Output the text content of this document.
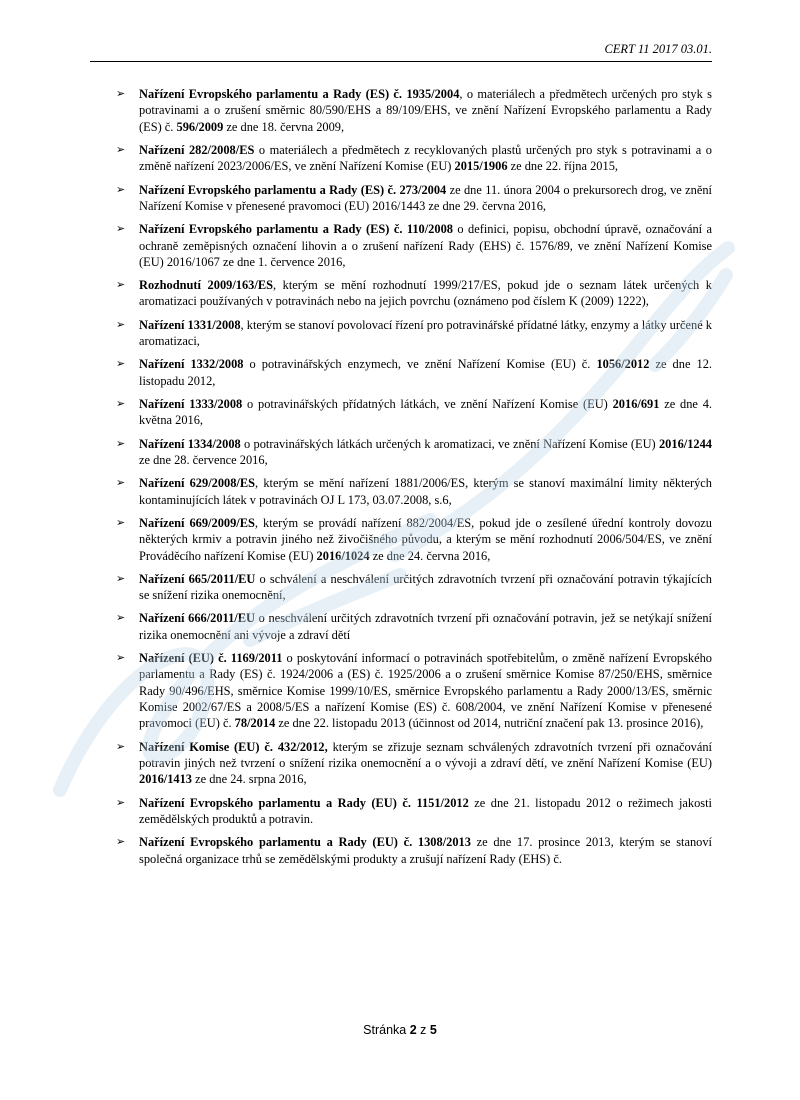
CERT 11 2017 03.01.
➢ Nařízení Evropského parlamentu a Rady (ES) č. 1935/2004, o materiálech a předmětech určených pro styk s potravinami a o zrušení směrnic 80/590/EHS a 89/109/EHS, ve znění Nařízení Evropského parlamentu a Rady (ES) č. 596/2009 ze dne 18. června 2009,
➢ Nařízení 282/2008/ES o materiálech a předmětech z recyklovaných plastů určených pro styk s potravinami a o změně nařízení 2023/2006/ES, ve znění Nařízení Komise (EU) 2015/1906 ze dne 22. října 2015,
➢ Nařízení Evropského parlamentu a Rady (ES) č. 273/2004 ze dne 11. února 2004 o prekursorech drog, ve znění Nařízení Komise v přenesené pravomoci (EU) 2016/1443 ze dne 29. června 2016,
➢ Nařízení Evropského parlamentu a Rady (ES) č. 110/2008 o definici, popisu, obchodní úpravě, označování a ochraně zeměpisných označení lihovin a o zrušení nařízení Rady (EHS) č. 1576/89, ve znění Nařízení Komise (EU) 2016/1067 ze dne 1. července 2016,
➢ Rozhodnutí 2009/163/ES, kterým se mění rozhodnutí 1999/217/ES, pokud jde o seznam látek určených k aromatizaci používaných v potravinách nebo na jejich povrchu (oznámeno pod číslem K (2009) 1222),
➢ Nařízení 1331/2008, kterým se stanoví povolovací řízení pro potravinářské přídatné látky, enzymy a látky určené k aromatizaci,
➢ Nařízení 1332/2008 o potravinářských enzymech, ve znění Nařízení Komise (EU) č. 1056/2012 ze dne 12. listopadu 2012,
➢ Nařízení 1333/2008 o potravinářských přídatných látkách, ve znění Nařízení Komise (EU) 2016/691 ze dne 4. května 2016,
➢ Nařízení 1334/2008 o potravinářských látkách určených k aromatizaci, ve znění Nařízení Komise (EU) 2016/1244 ze dne 28. července 2016,
➢ Nařízení 629/2008/ES, kterým se mění nařízení 1881/2006/ES, kterým se stanoví maximální limity některých kontaminujících látek v potravinách OJ L 173, 03.07.2008, s.6,
➢ Nařízení 669/2009/ES, kterým se provádí nařízení 882/2004/ES, pokud jde o zesílené úřední kontroly dovozu některých krmiv a potravin jiného než živočišného původu, a kterým se mění rozhodnutí 2006/504/ES, ve znění Prováděcího nařízení Komise (EU) 2016/1024 ze dne 24. června 2016,
➢ Nařízení 665/2011/EU o schválení a neschválení určitých zdravotních tvrzení při označování potravin týkajících se snížení rizika onemocnění,
➢ Nařízení 666/2011/EU o neschválení určitých zdravotních tvrzení při označování potravin, jež se netýkají snížení rizika onemocnění ani vývoje a zdraví dětí
➢ Nařízení (EU) č. 1169/2011 o poskytování informací o potravinách spotřebitelům, o změně nařízení Evropského parlamentu a Rady (ES) č. 1924/2006 a (ES) č. 1925/2006 a o zrušení směrnice Komise 87/250/EHS, směrnice Rady 90/496/EHS, směrnice Komise 1999/10/ES, směrnice Evropského parlamentu a Rady 2000/13/ES, směrnic Komise 2002/67/ES a 2008/5/ES a nařízení Komise (ES) č. 608/2004, ve znění Nařízení Komise v přenesené pravomoci (EU) č. 78/2014 ze dne 22. listopadu 2013 (účinnost od 2014, nutriční značení pak 13. prosince 2016),
➢ Nařízení Komise (EU) č. 432/2012, kterým se zřizuje seznam schválených zdravotních tvrzení při označování potravin jiných než tvrzení o snížení rizika onemocnění a o vývoji a zdraví dětí, ve znění Nařízení Komise (EU) 2016/1413 ze dne 24. srpna 2016,
➢ Nařízení Evropského parlamentu a Rady (EU) č. 1151/2012 ze dne 21. listopadu 2012 o režimech jakosti zemědělských produktů a potravin.
➢ Nařízení Evropského parlamentu a Rady (EU) č. 1308/2013 ze dne 17. prosince 2013, kterým se stanoví společná organizace trhů se zemědělskými produkty a zrušují nařízení Rady (EHS) č.
Stránka 2 z 5
